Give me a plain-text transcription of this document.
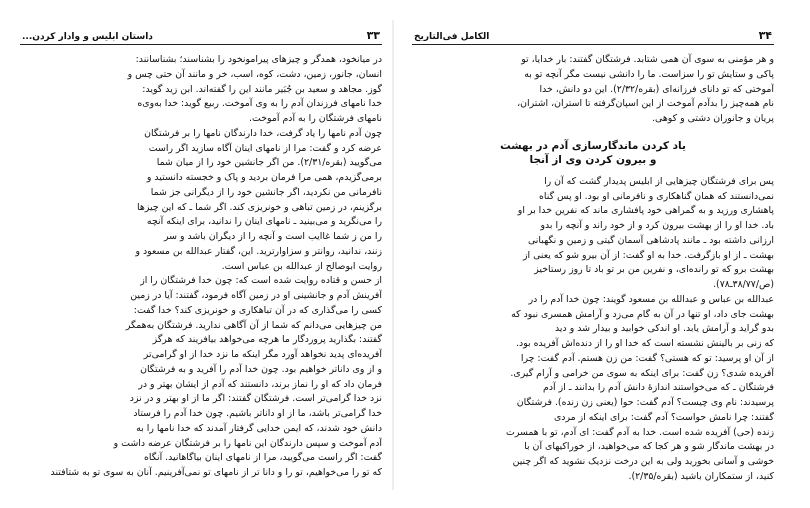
۳۳
داستان ابلیس و وادار کردن...

در میانخود، همدگر و چیزهای پیرامونخود را بشناسند؛ بشناسانند:
انسان، جانور، زمین، دشت، کوه، اسب، خر و مانند آن حتی چس و
گوز. مجاهد و سعید بن جُبَیر مانند این را گفته‌اند. ابن زید گوید:
خدا نامهای فرزندان آدم را به وی آموخت. ربیع گوید: خدا به‌وی‌ه
نامهای فرشتگان را به آدم آموخت.

چون آدم نامها را یاد گرفت، خدا دارندگان نامها را بر فرشتگان
عرضه کرد و گفت: مرا از نامهای اینان آگاه سازید اگر راست
می‌گویید (بقره/۲/۳۱). من اگر جانشین خود را از میان شما
برمی‌گزیدم، همی مرا فرمان بردید و پاک و خجسته دانستید و
نافرمانی من نکردید، اگر جانشین خود را از دیگرانی جز شما
برگزینم، در زمین تباهی و خونریزی کند. اگر شما ـ که این چیزها
را می‌نگرید و می‌بینید ـ نامهای اینان را ندانید، برای اینکه آنچه
را من ز شما غاایب است و آنچه را از دیگران باشد و سر
زنند، ندانید، روانتر و سزاوارترید. این، گفتار عبدالله بن مسعود و
روایت ابوصالح از عبدالله بن عباس است.

از حسن و قتاده روایت شده است که: چون خدا فرشتگان را از
آفرینش آدم و جانشینی او در زمین آگاه فرمود، گفتند: آیا در زمین
کسی را می‌گذاری که در آن تباهکاری و خونریزی کند؟ خدا گفت:
من چیزهایی می‌دانم که شما از آن آگاهی ندارید. فرشتگان به‌همگر
گفتند: بگذارید پروردگار ما هرچه می‌خواهد بیافریند که هرگز
آفریده‌ای پدید نخواهد آورد مگر اینکه ما نزد خدا از او گرامی‌تر
و از وی داناتر خواهیم بود. چون خدا آدم را آفرید و به فرشتگان
فرمان داد که او را نماز برند، دانستند که آدم از ایشان بهتر و در
نزد خدا گرامی‌تر است. فرشتگان گفتند: اگر ما از او بهتر و در نزد
خدا گرامی‌تر باشد، ما از او داناتر باشیم. چون خدا آدم را فرستاد
دانش خود شدند، که ایمن خدایی گرفتار آمدند که خدا نامها را به
آدم آموخت و سپس دارندگان این نامها را بر فرشتگان عرضه داشت و
گفت: اگر راست می‌گویید، مرا از نامهای اینان بیاگاهانید. آنگاه
که تو را می‌خواهیم، تو را و دانا تر از نامهای تو نمی‌آفرینیم. آنان به سوی تو به شتافتند

۳۴
الکامل فی‌التاریخ

و هر مؤمنی به سوی آن همی شتابد. فرشتگان گفتند: بار خدایا، تو
پاکی و ستایش تو را سزاست. ما را دانشی نیست مگر آنچه تو به
آموختی که تو دانای فرزانه‌ای (بقره/۲/۳۲). این دو دانش، خدا
نام همه‌چیز را بدآدم آموخت از این اسپان‌گرفته تا استران، اشتران،
پریان و جانوران دشتی و کوهی.

یاد کردن ماندگارسازی آدم در بهشت
و بیرون کردن وی از آنجا

پس برای فرشتگان چیزهایی از ابلیس پدیدار گشت که آن را
نمی‌دانستند که همان گناهکاری و نافرمانی او بود. او پس گناه
پاهشاری ورزید و به گمراهی خود پافشاری ماند که نفرین خدا بر او
باد. خدا او را از بهشت بیرون کرد و از خود راند و آنچه را بدو
ارزانی داشته بود ـ مانند پادشاهی آسمان گیتی و زمین و نگهبانی
بهشت ـ از او بازگرفت. خدا به او گفت: از آن بیرو شو که یعنی از
بهشت برو که تو رانده‌ای، و نفرین من بر تو باد تا روز رستاخیز
(ص/۳۸/۷۷ـ۷۸).

عبدالله بن عباس و عبدالله بن مسعود گویند: چون خدا آدم را در
بهشت جای داد، او تنها در آن به گام می‌زد و آرامش همسری نبود که
بدو گراید و آرامش یابد. او اندکی خوابید و بیدار شد و دید
که زنی بر بالینش نشسته است که خدا او را از دنده‌اش آفریده بود.
از آن او پرسید: تو که هستی؟ گفت: من زن هستم. آدم گفت: چرا
آفریده شدی؟ زن گفت: برای اینکه به سوی من خرامی و آرام گیری.
فرشتگان ـ که می‌خواستند اندازهٔ دانش آدم را بدانند ـ از آدم
پرسیدند: نام وی چیست؟ آدم گفت: حوا (یعنی زن زنده). فرشتگان
گفتند: چرا نامش حواست؟ آدم گفت: برای اینکه از مردی
زنده (حی) آفریده شده است. خدا به آدم گفت: ای آدم، تو با همسرت
در بهشت ماندگار شو و هر کجا که می‌خواهید، از خوراکیهای آن با
خوشی و آسانی بخورید ولی به این درخت نزدیک نشوید که اگر چنین
کنید، از ستمکاران باشید (بقره/۲/۳۵).
